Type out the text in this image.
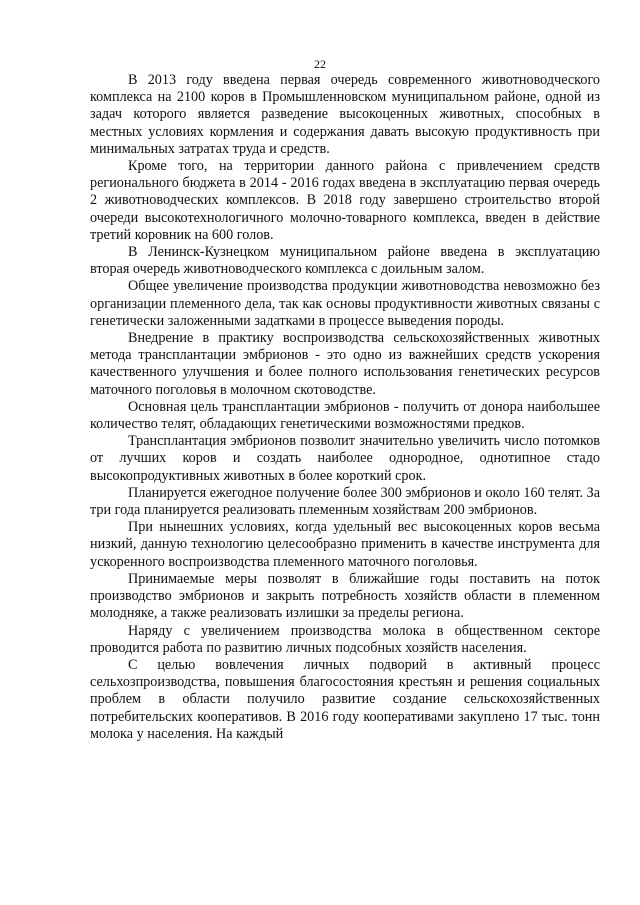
22

В 2013 году введена первая очередь современного животноводческого комплекса на 2100 коров в Промышленновском муниципальном районе, одной из задач которого является разведение высокоценных животных, способных в местных условиях кормления и содержания давать высокую продуктивность при минимальных затратах труда и средств.

Кроме того, на территории данного района с привлечением средств регионального бюджета в 2014 - 2016 годах введена в эксплуатацию первая очередь 2 животноводческих комплексов. В 2018 году завершено строительство второй очереди высокотехнологичного молочно-товарного комплекса, введен в действие третий коровник на 600 голов.

В Ленинск-Кузнецком муниципальном районе введена в эксплуатацию вторая очередь животноводческого комплекса с доильным залом.

Общее увеличение производства продукции животноводства невозможно без организации племенного дела, так как основы продуктивности животных связаны с генетически заложенными задатками в процессе выведения породы.

Внедрение в практику воспроизводства сельскохозяйственных животных метода трансплантации эмбрионов - это одно из важнейших средств ускорения качественного улучшения и более полного использования генетических ресурсов маточного поголовья в молочном скотоводстве.

Основная цель трансплантации эмбрионов - получить от донора наибольшее количество телят, обладающих генетическими возможностями предков.

Трансплантация эмбрионов позволит значительно увеличить число потомков от лучших коров и создать наиболее однородное, однотипное стадо высокопродуктивных животных в более короткий срок.

Планируется ежегодное получение более 300 эмбрионов и около 160 телят. За три года планируется реализовать племенным хозяйствам 200 эмбрионов.

При нынешних условиях, когда удельный вес высокоценных коров весьма низкий, данную технологию целесообразно применить в качестве инструмента для ускоренного воспроизводства племенного маточного поголовья.

Принимаемые меры позволят в ближайшие годы поставить на поток производство эмбрионов и закрыть потребность хозяйств области в племенном молодняке, а также реализовать излишки за пределы региона.

Наряду с увеличением производства молока в общественном секторе проводится работа по развитию личных подсобных хозяйств населения.

С целью вовлечения личных подворий в активный процесс сельхозпроизводства, повышения благосостояния крестьян и решения социальных проблем в области получило развитие создание сельскохозяйственных потребительских кооперативов. В 2016 году кооперативами закуплено 17 тыс. тонн молока у населения. На каждый
